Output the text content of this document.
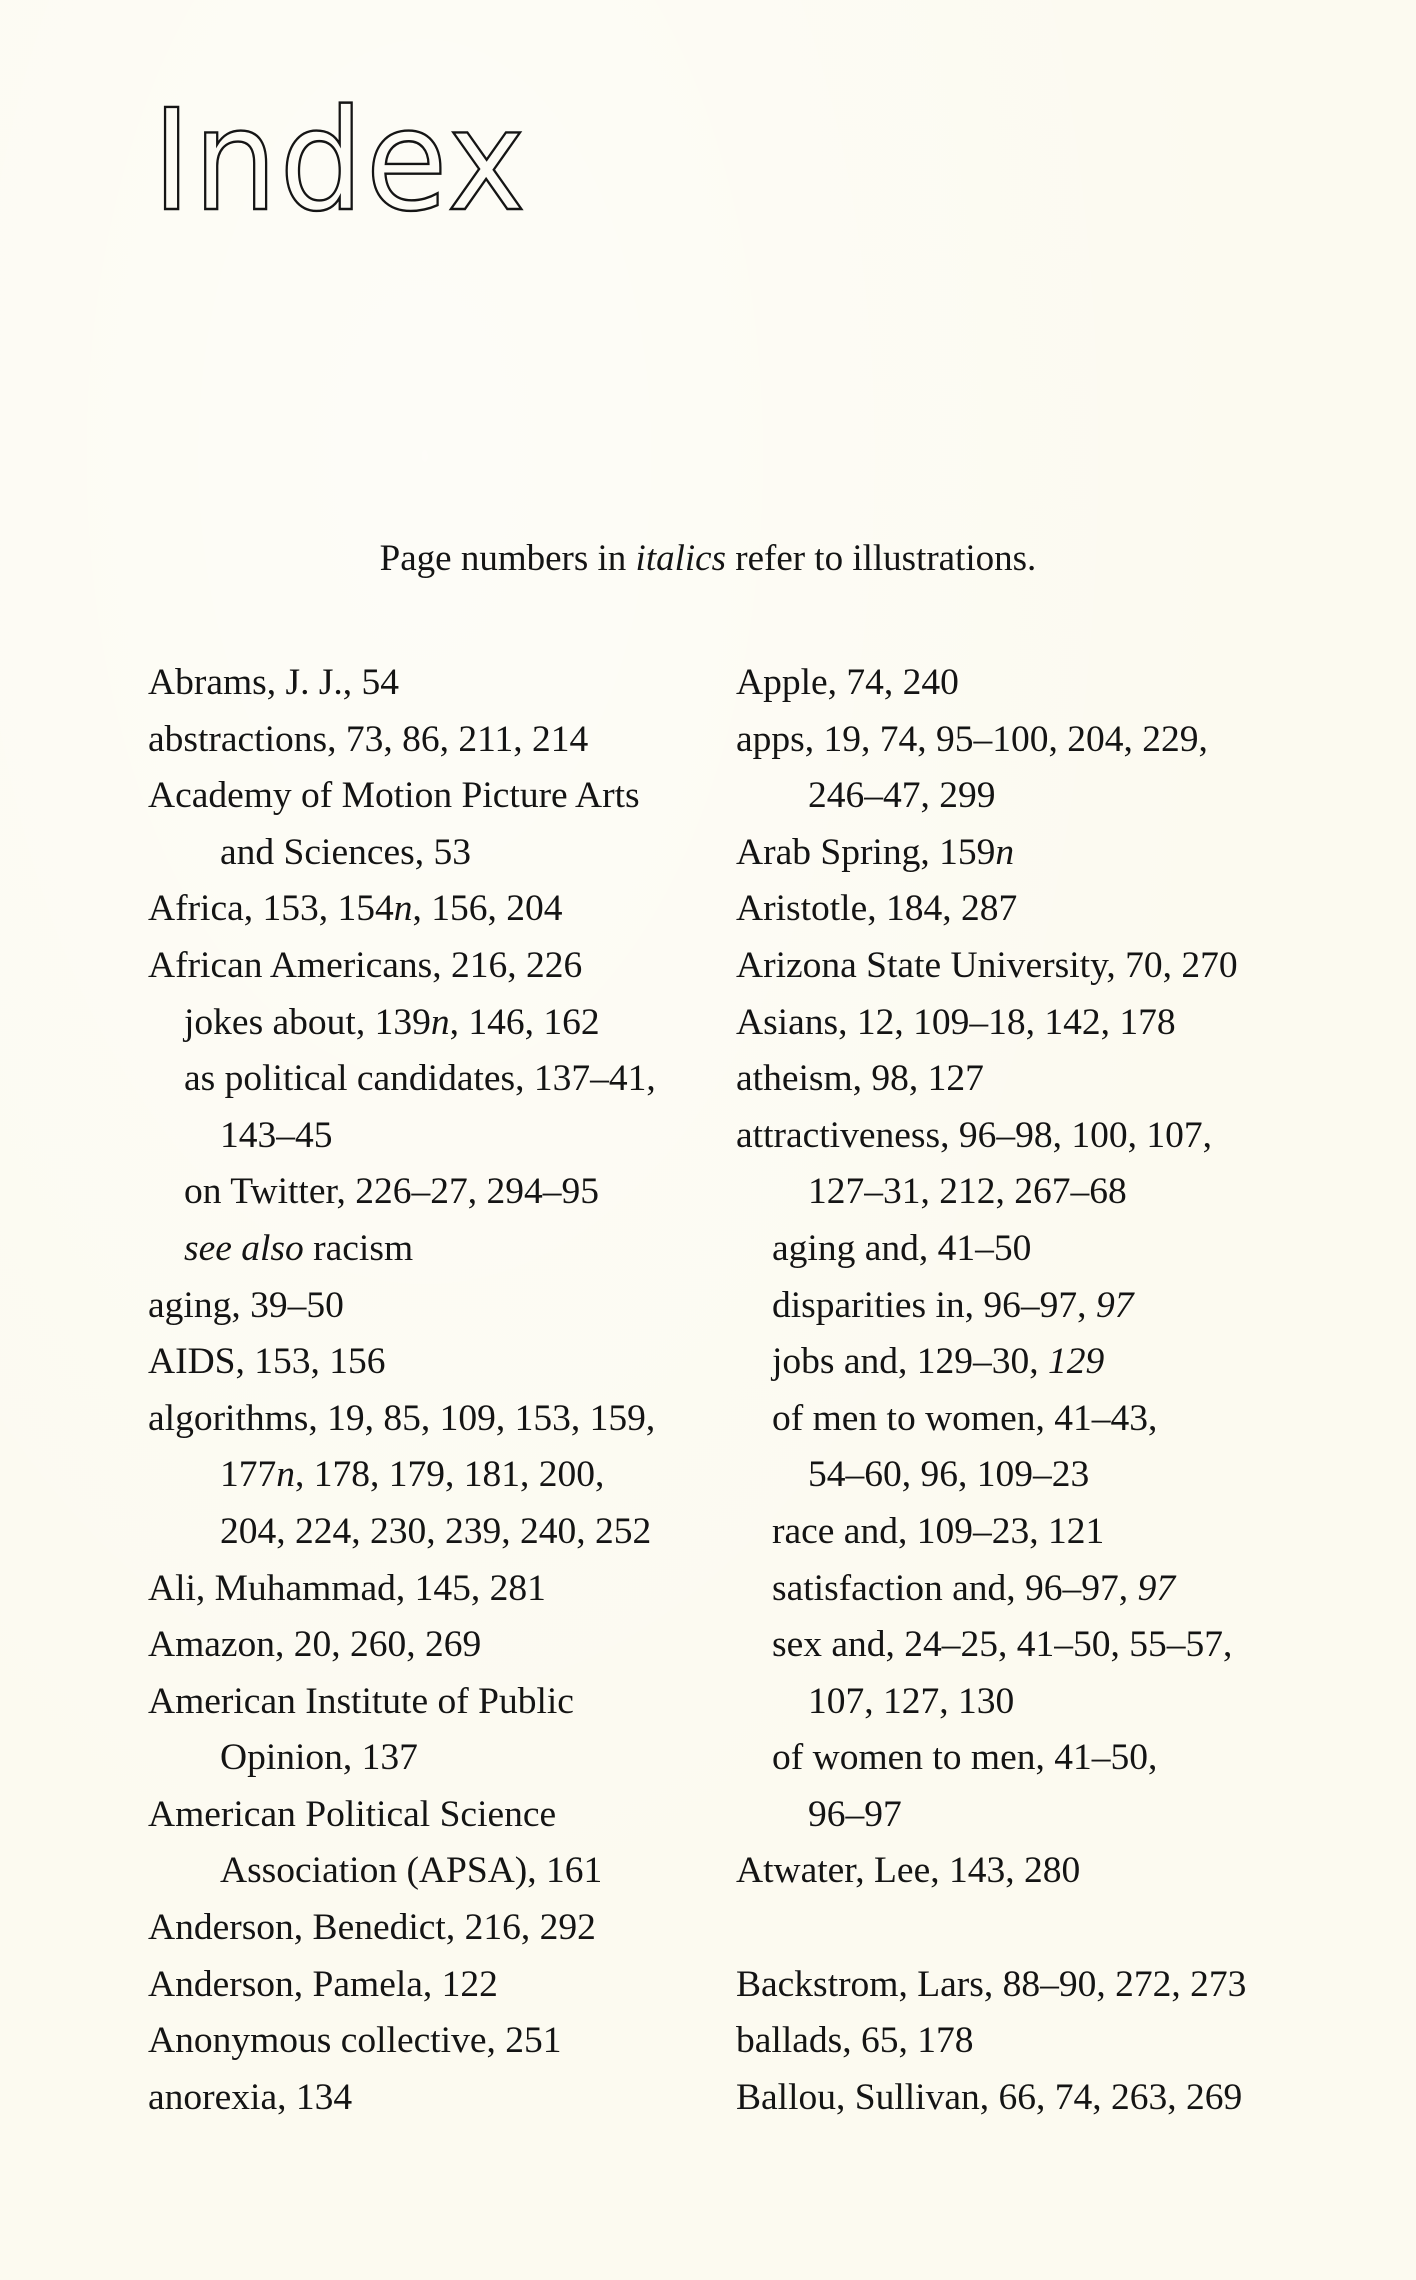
Index
Page numbers in italics refer to illustrations.
Abrams, J. J., 54
abstractions, 73, 86, 211, 214
Academy of Motion Picture Arts
and Sciences, 53
Africa, 153, 154n, 156, 204
African Americans, 216, 226
jokes about, 139n, 146, 162
as political candidates, 137–41,
143–45
on Twitter, 226–27, 294–95
see also racism
aging, 39–50
AIDS, 153, 156
algorithms, 19, 85, 109, 153, 159,
177n, 178, 179, 181, 200,
204, 224, 230, 239, 240, 252
Ali, Muhammad, 145, 281
Amazon, 20, 260, 269
American Institute of Public
Opinion, 137
American Political Science
Association (APSA), 161
Anderson, Benedict, 216, 292
Anderson, Pamela, 122
Anonymous collective, 251
anorexia, 134
Apple, 74, 240
apps, 19, 74, 95–100, 204, 229,
246–47, 299
Arab Spring, 159n
Aristotle, 184, 287
Arizona State University, 70, 270
Asians, 12, 109–18, 142, 178
atheism, 98, 127
attractiveness, 96–98, 100, 107,
127–31, 212, 267–68
aging and, 41–50
disparities in, 96–97, 97
jobs and, 129–30, 129
of men to women, 41–43,
54–60, 96, 109–23
race and, 109–23, 121
satisfaction and, 96–97, 97
sex and, 24–25, 41–50, 55–57,
107, 127, 130
of women to men, 41–50,
96–97
Atwater, Lee, 143, 280
Backstrom, Lars, 88–90, 272, 273
ballads, 65, 178
Ballou, Sullivan, 66, 74, 263, 269
